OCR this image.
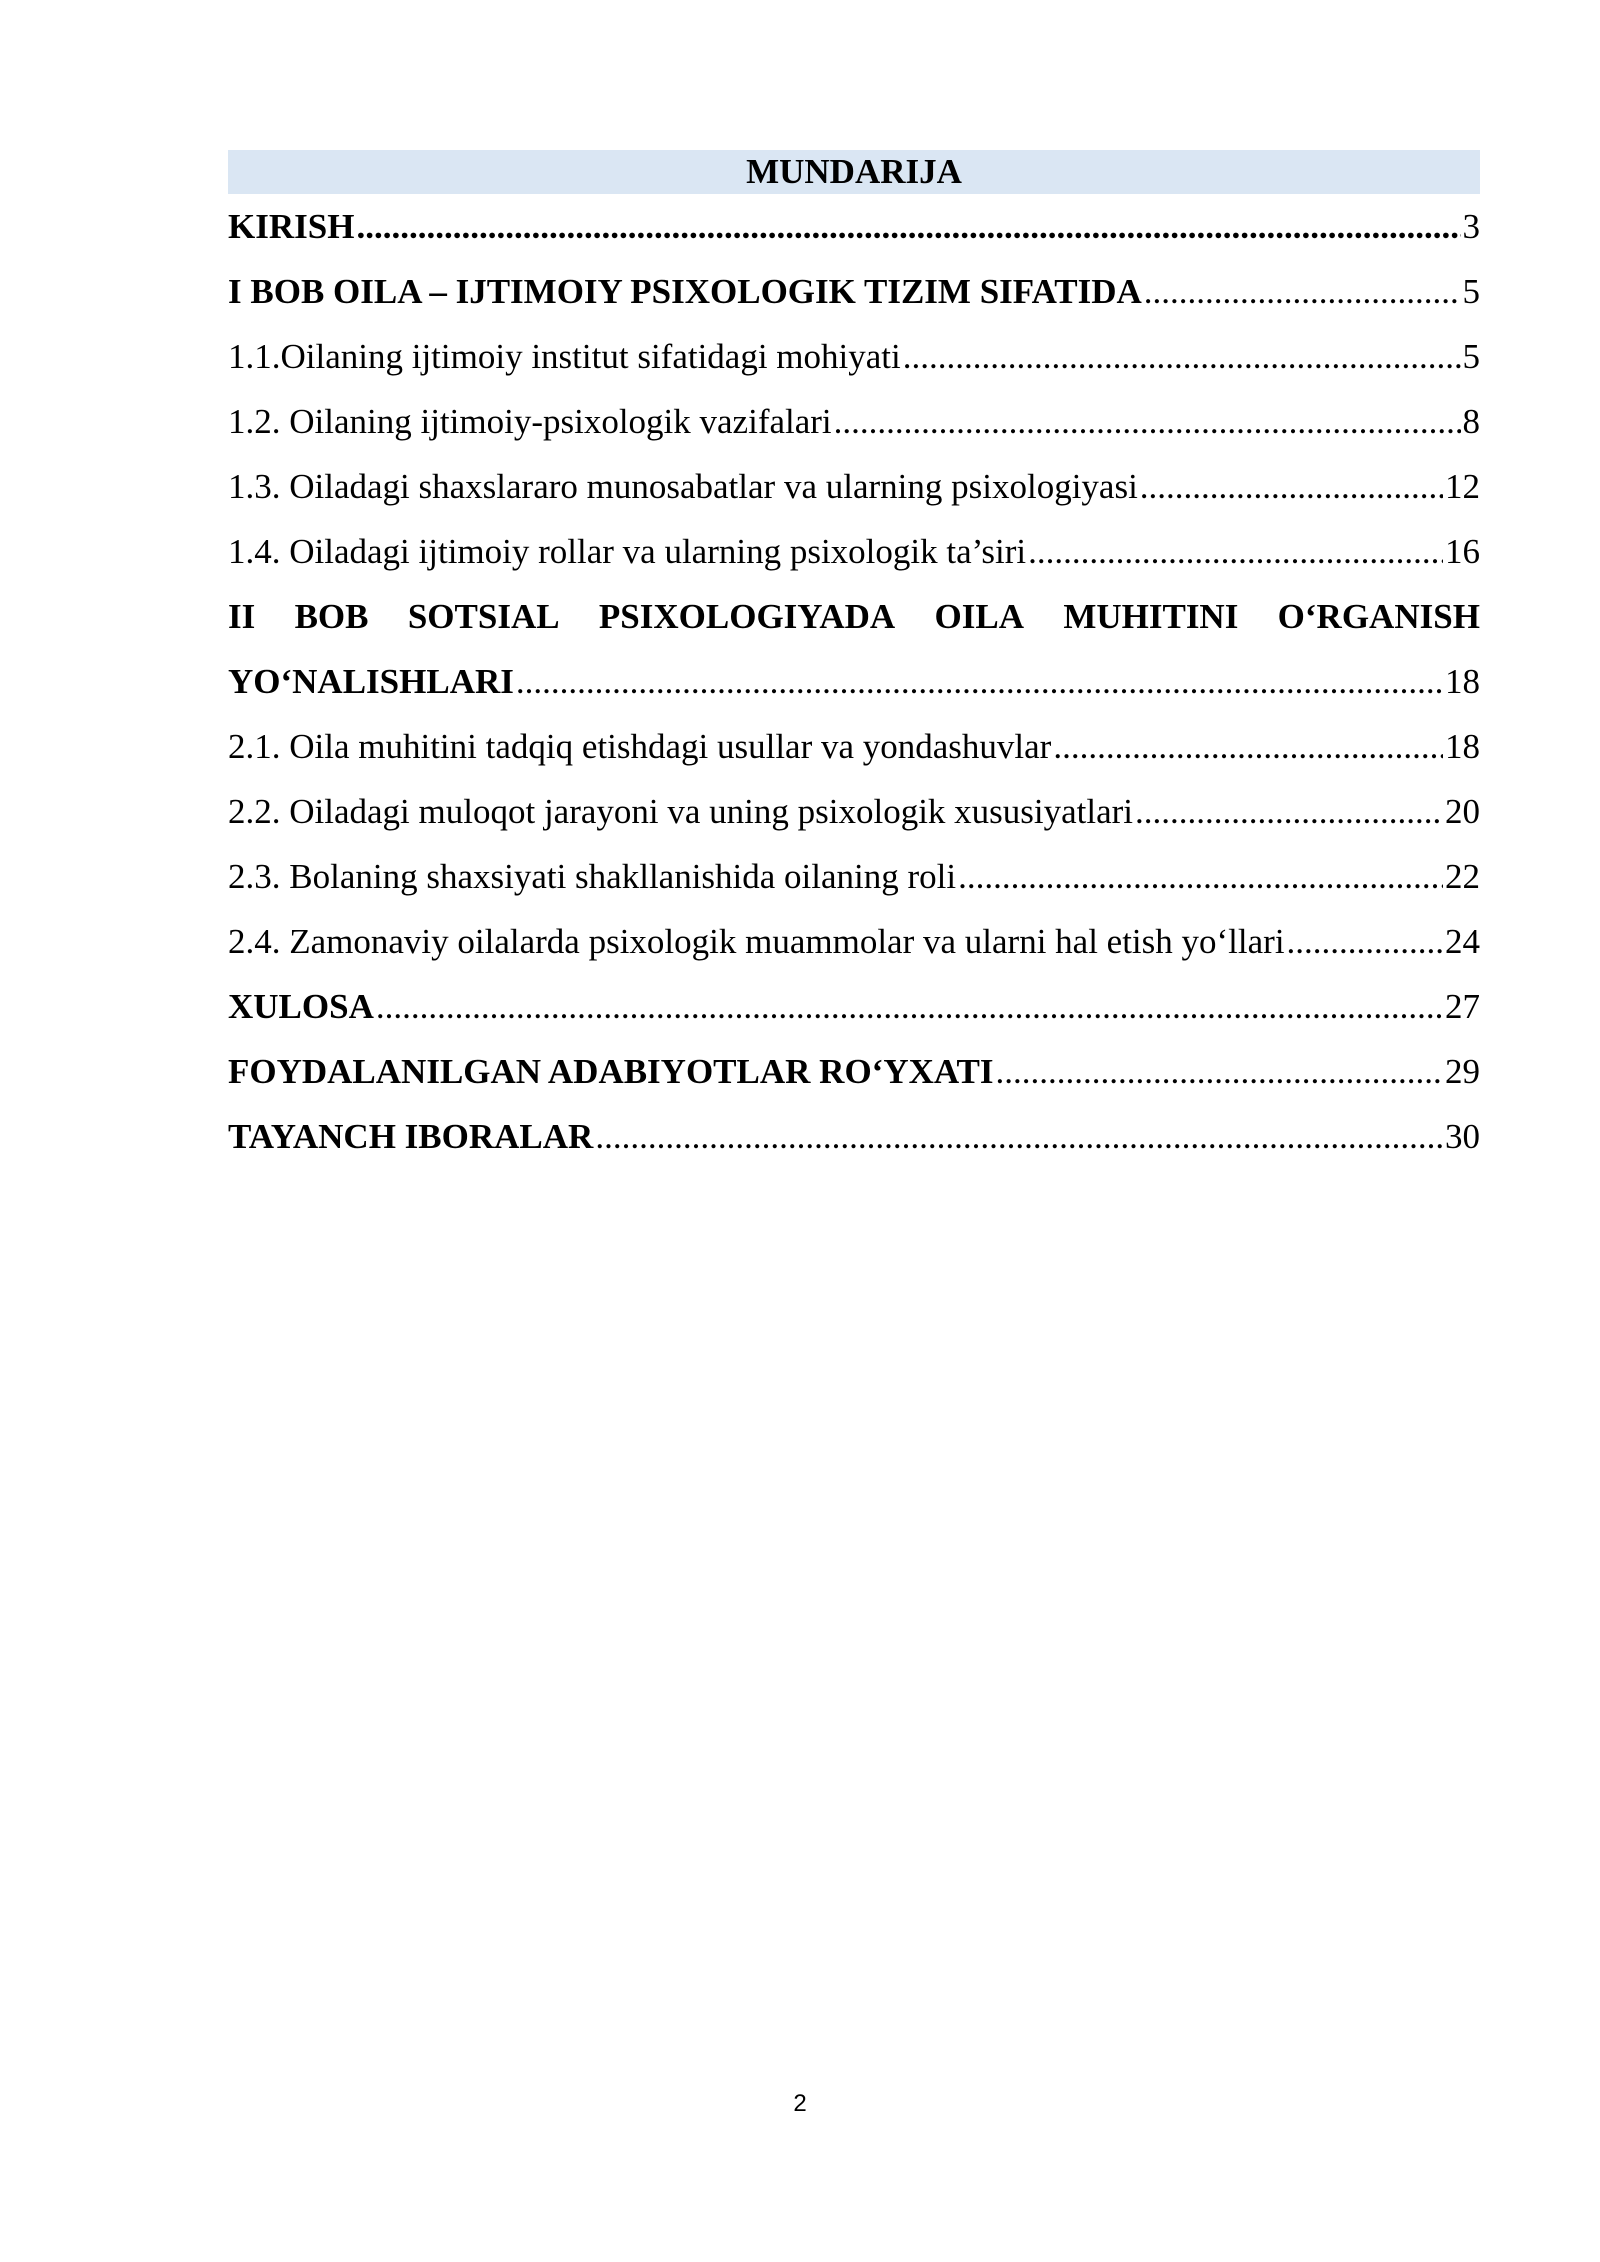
MUNDARIJA
KIRISH .....	3
I BOB OILA – IJTIMOIY PSIXOLOGIK TIZIM SIFATIDA .....	5
1.1.Oilaning ijtimoiy institut sifatidagi mohiyati .....	5
1.2. Oilaning ijtimoiy-psixologik vazifalari .....	8
1.3. Oiladagi shaxslararo munosabatlar va ularning psixologiyasi .....	12
1.4. Oiladagi ijtimoiy rollar va ularning psixologik ta’siri .....	16
II BOB SOTSIAL PSIXOLOGIYADA OILA MUHITINI O‘RGANISH
YO‘NALISHLARI .....	18
2.1. Oila muhitini tadqiq etishdagi usullar va yondashuvlar .....	18
2.2. Oiladagi muloqot jarayoni va uning psixologik xususiyatlari .....	20
2.3. Bolaning shaxsiyati shakllanishida oilaning roli .....	22
2.4. Zamonaviy oilalarda psixologik muammolar va ularni hal etish yo‘llari .....	24
XULOSA .....	27
FOYDALANILGAN ADABIYOTLAR RO‘YXATI .....	29
TAYANCH IBORALAR .....	30
2
